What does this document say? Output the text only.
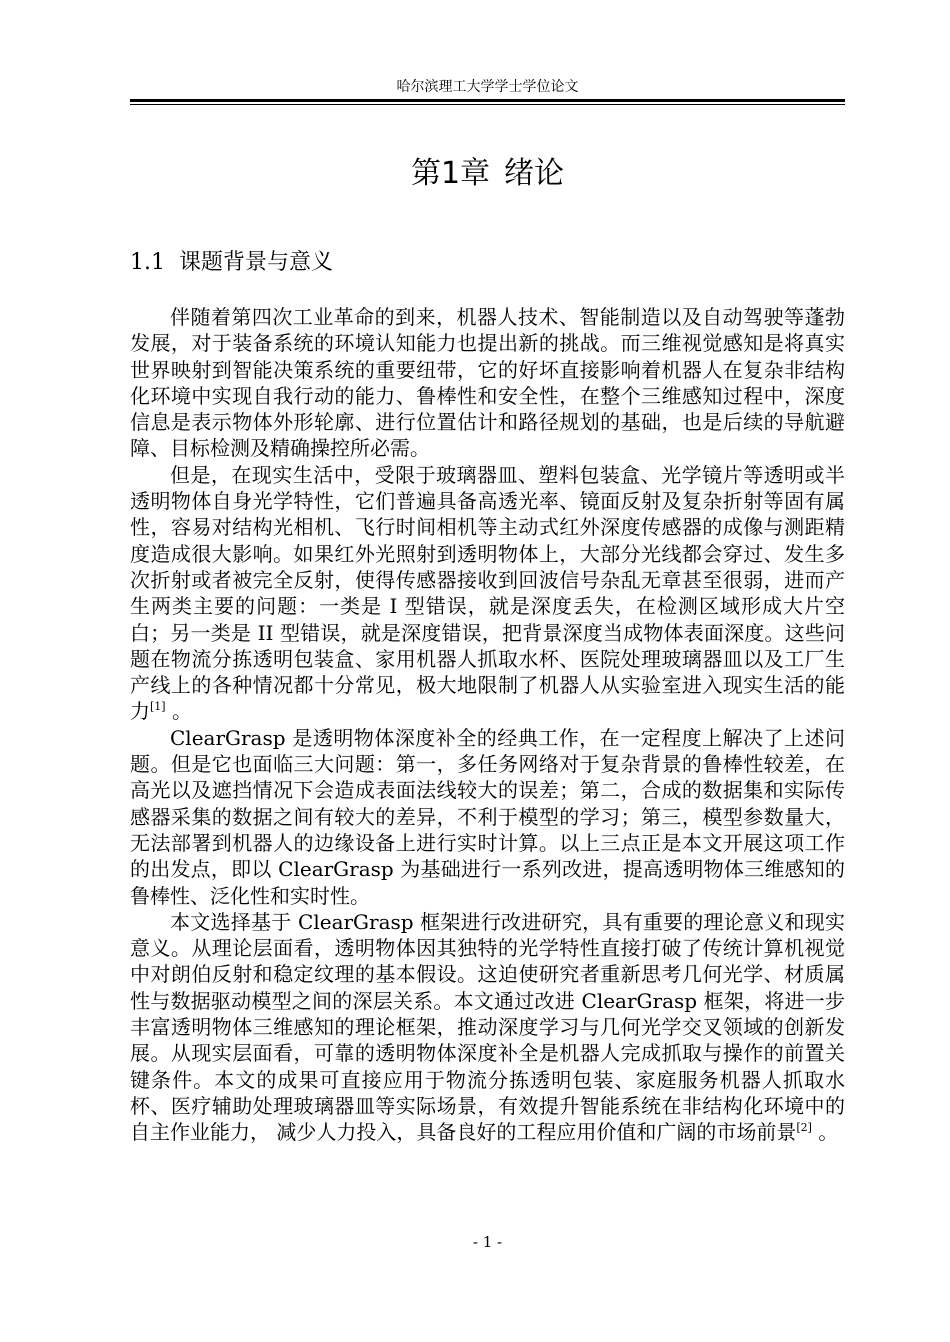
哈尔滨理工大学学士学位论文
第1章 绪论
1.1 课题背景与意义

伴随着第四次工业革命的到来，机器人技术、智能制造以及自动驾驶等蓬勃发展，对于装备系统的环境认知能力也提出新的挑战。而三维视觉感知是将真实世界映射到智能决策系统的重要纽带，它的好坏直接影响着机器人在复杂非结构化环境中实现自我行动的能力、鲁棒性和安全性，在整个三维感知过程中，深度信息是表示物体外形轮廓、进行位置估计和路径规划的基础，也是后续的导航避障、目标检测及精确操控所必需。

但是，在现实生活中，受限于玻璃器皿、塑料包装盒、光学镜片等透明或半透明物体自身光学特性，它们普遍具备高透光率、镜面反射及复杂折射等固有属性，容易对结构光相机、飞行时间相机等主动式红外深度传感器的成像与测距精度造成很大影响。如果红外光照射到透明物体上，大部分光线都会穿过、发生多次折射或者被完全反射，使得传感器接收到回波信号杂乱无章甚至很弱，进而产生两类主要的问题：一类是 I 型错误，就是深度丢失，在检测区域形成大片空白；另一类是 II 型错误，就是深度错误，把背景深度当成物体表面深度。这些问题在物流分拣透明包装盒、家用机器人抓取水杯、医院处理玻璃器皿以及工厂生产线上的各种情况都十分常见，极大地限制了机器人从实验室进入现实生活的能力[1] 。

ClearGrasp 是透明物体深度补全的经典工作，在一定程度上解决了上述问题。但是它也面临三大问题：第一，多任务网络对于复杂背景的鲁棒性较差，在高光以及遮挡情况下会造成表面法线较大的误差；第二，合成的数据集和实际传感器采集的数据之间有较大的差异，不利于模型的学习；第三，模型参数量大，无法部署到机器人的边缘设备上进行实时计算。以上三点正是本文开展这项工作的出发点，即以 ClearGrasp 为基础进行一系列改进，提高透明物体三维感知的鲁棒性、泛化性和实时性。

本文选择基于 ClearGrasp 框架进行改进研究，具有重要的理论意义和现实意义。从理论层面看，透明物体因其独特的光学特性直接打破了传统计算机视觉中对朗伯反射和稳定纹理的基本假设。这迫使研究者重新思考几何光学、材质属性与数据驱动模型之间的深层关系。本文通过改进 ClearGrasp 框架，将进一步丰富透明物体三维感知的理论框架，推动深度学习与几何光学交叉领域的创新发展。从现实层面看，可靠的透明物体深度补全是机器人完成抓取与操作的前置关键条件。本文的成果可直接应用于物流分拣透明包装、家庭服务机器人抓取水杯、医疗辅助处理玻璃器皿等实际场景，有效提升智能系统在非结构化环境中的自主作业能力， 减少人力投入，具备良好的工程应用价值和广阔的市场前景[2] 。

- 1 -
